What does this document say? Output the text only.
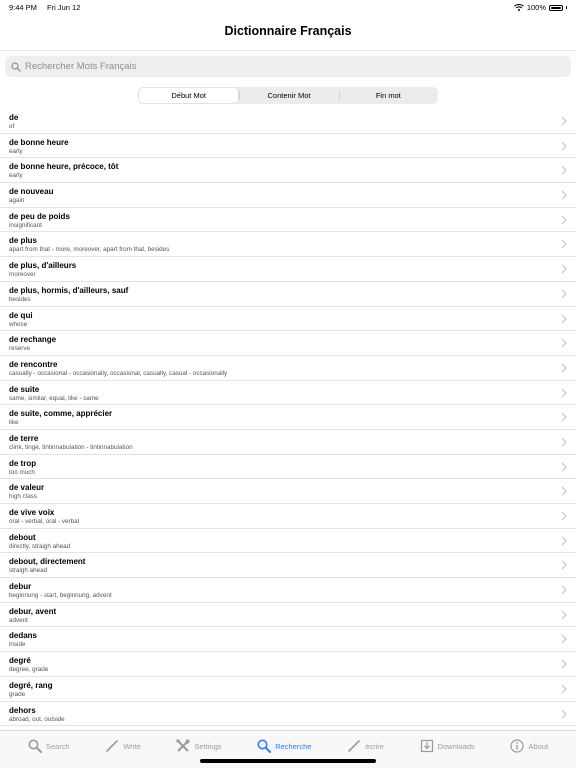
9:44 PM Fri Jun 12	100%
Dictionnaire Français
Rechercher Mots Français
Début Mot	Contenir Mot	Fin mot
de
of
de bonne heure
early
de bonne heure, précoce, tôt
early
de nouveau
again
de peu de poids
insignificant
de plus
apart from that - more, moreover, apart from that, besides
de plus, d'ailleurs
moreover
de plus, hormis, d'ailleurs, sauf
besides
de qui
whose
de rechange
reserve
de rencontre
casually - occasional - occasionally, occasional, casually, casual - occasionally
de suite
same, similar, equal, like - same
de suite, comme, apprécier
like
de terre
clink, tinge, tintinnabulation - tintinnabulation
de trop
too much
de valeur
high class
de vive voix
oral - verbal, oral - verbal
debout
directly, straigh ahead
debout, directement
straigh ahead
debur
beginnung - start, beginnung, advent
debur, avent
advent
dedans
inside
degré
degree, grade
degré, rang
grade
dehors
abroad, out, outside
Search	Write	Settings	Recherche	écrire	Downloads	About
